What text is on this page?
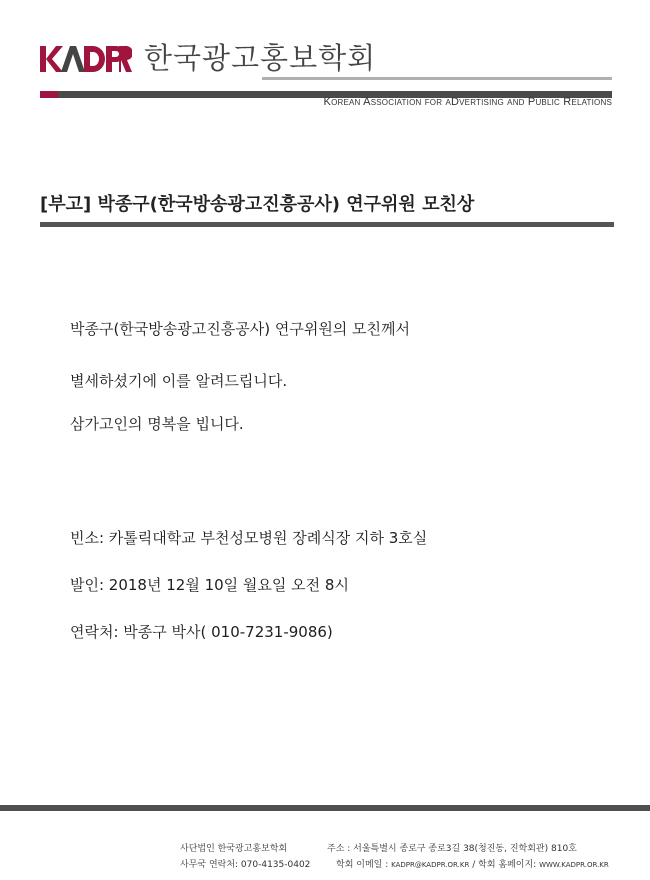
한국광고홍보학회
Korean Association for aDvertising and Public Relations
[부고] 박종구(한국방송광고진흥공사) 연구위원 모친상
박종구(한국방송광고진흥공사) 연구위원의 모친께서
별세하셨기에 이를 알려드립니다.
삼가고인의 명복을 빕니다.
빈소: 카톨릭대학교 부천성모병원 장례식장 지하 3호실
발인: 2018년 12월 10일 월요일 오전 8시
연락처: 박종구 박사( 010-7231-9086)
사단법인 한국광고홍보학회	주소 : 서울특별시 종로구 종로3길 38(청진동, 진학회관) 810호
사무국 연락처: 070-4135-0402	학회 이메일 : KADPR@KADPR.OR.KR / 학회 홈페이지: WWW.KADPR.OR.KR
